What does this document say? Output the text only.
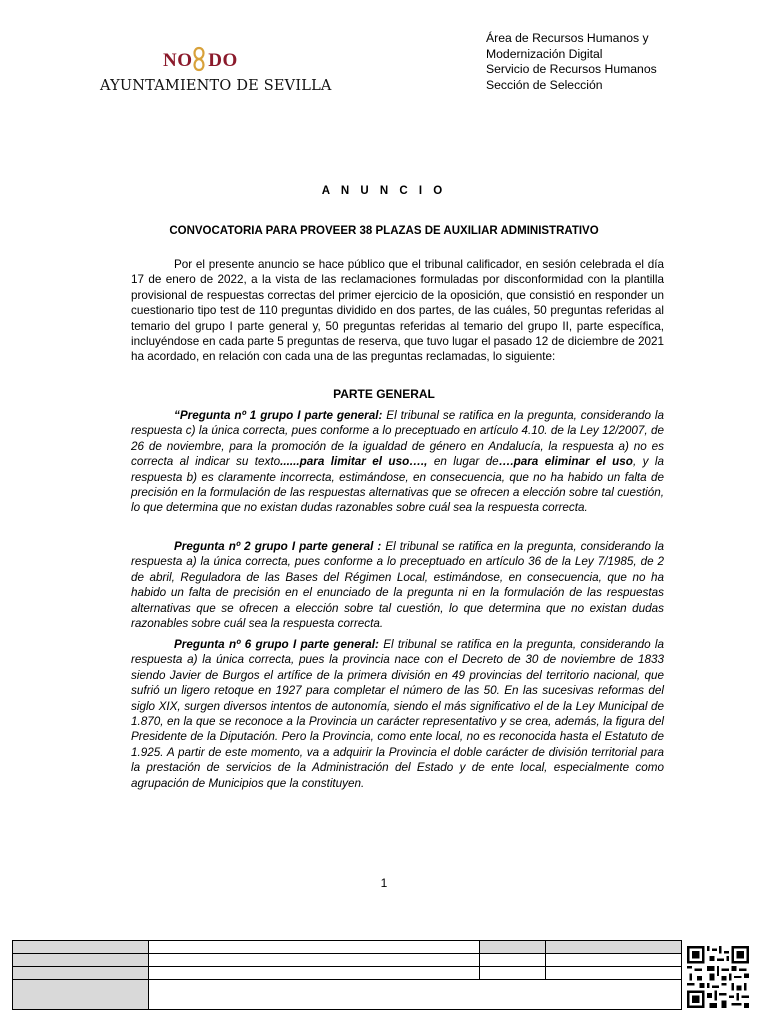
NO   DO
AYUNTAMIENTO DE SEVILLA
Área de Recursos Humanos y
Modernización Digital
Servicio de Recursos Humanos
Sección de Selección
A N U N C I O
CONVOCATORIA PARA PROVEER 38 PLAZAS DE AUXILIAR ADMINISTRATIVO

Por el presente anuncio se hace público que el tribunal calificador, en sesión celebrada el día 17 de enero de 2022, a la vista de las reclamaciones formuladas por disconformidad con la plantilla provisional de respuestas correctas del primer ejercicio de la oposición, que consistió en responder un cuestionario tipo test de 110 preguntas dividido en dos partes, de las cuáles, 50 preguntas referidas al temario del grupo I parte general y, 50 preguntas referidas al temario del grupo II, parte específica, incluyéndose en cada parte 5 preguntas de reserva, que tuvo lugar el pasado 12 de diciembre de 2021 ha acordado, en relación con cada una de las preguntas reclamadas, lo siguiente:

PARTE GENERAL

“Pregunta nº 1 grupo I parte general: El tribunal se ratifica en la pregunta, considerando la respuesta c) la única correcta, pues conforme a lo preceptuado en artículo 4.10. de la Ley 12/2007, de 26 de noviembre, para la promoción de la igualdad de género en Andalucía, la respuesta a) no es correcta al indicar su texto......para limitar el uso…., en lugar de….para eliminar el uso, y la respuesta b) es claramente incorrecta, estimándose, en consecuencia, que no ha habido un falta de precisión en la formulación de las respuestas alternativas que se ofrecen a elección sobre tal cuestión, lo que determina que no existan dudas razonables sobre cuál sea la respuesta correcta.

Pregunta nº 2 grupo I parte general : El tribunal se ratifica en la pregunta, considerando la respuesta a) la única correcta, pues conforme a lo preceptuado en artículo 36 de la Ley 7/1985, de 2 de abril, Reguladora de las Bases del Régimen Local, estimándose, en consecuencia, que no ha habido un falta de precisión en el enunciado de la pregunta ni en la formulación de las respuestas alternativas que se ofrecen a elección sobre tal cuestión, lo que determina que no existan dudas razonables sobre cuál sea la respuesta correcta.

Pregunta nº 6 grupo I parte general: El tribunal se ratifica en la pregunta, considerando la respuesta a) la única correcta, pues la provincia nace con el Decreto de 30 de noviembre de 1833 siendo Javier de Burgos el artífice de la primera división en 49 provincias del territorio nacional, que sufrió un ligero retoque en 1927 para completar el número de las 50. En las sucesivas reformas del siglo XIX, surgen diversos intentos de autonomía, siendo el más significativo el de la Ley Municipal de 1.870, en la que se reconoce a la Provincia un carácter representativo y se crea, además, la figura del Presidente de la Diputación. Pero la Provincia, como ente local, no es reconocida hasta el Estatuto de 1.925. A partir de este momento, va a adquirir la Provincia el doble carácter de división territorial para la prestación de servicios de la Administración del Estado y de ente local, especialmente como agrupación de Municipios que la constituyen.

1
